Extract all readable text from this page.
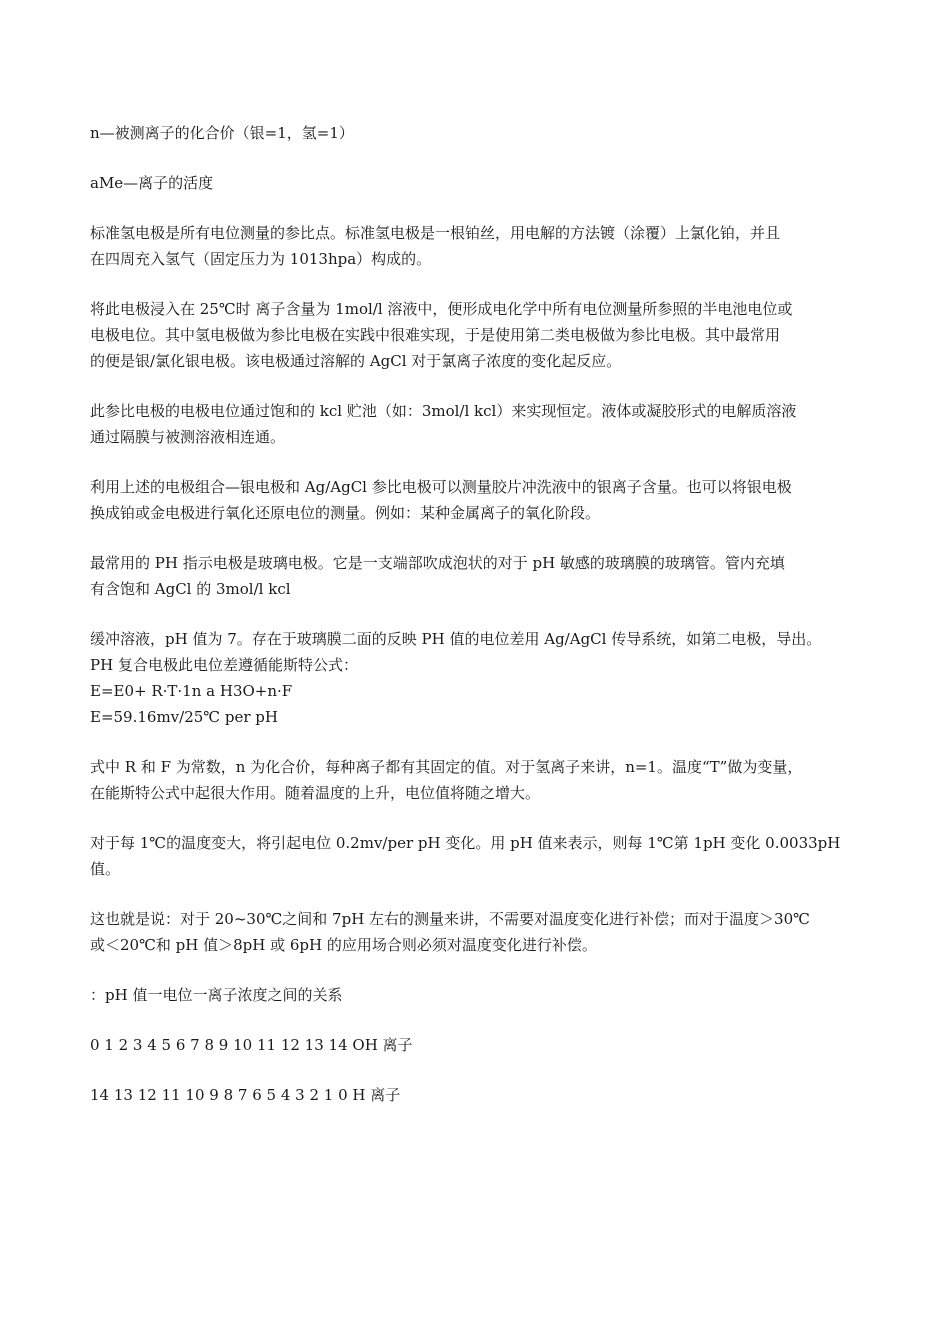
n—被测离子的化合价（银=1，氢=1）
aMe—离子的活度
标准氢电极是所有电位测量的参比点。标准氢电极是一根铂丝，用电解的方法镀（涂覆）上氯化铂，并且
在四周充入氢气（固定压力为 1013hpa）构成的。
将此电极浸入在 25℃时 离子含量为 1mol/l 溶液中，便形成电化学中所有电位测量所参照的半电池电位或
电极电位。其中氢电极做为参比电极在实践中很难实现，于是使用第二类电极做为参比电极。其中最常用
的便是银/氯化银电极。该电极通过溶解的 AgCl 对于氯离子浓度的变化起反应。
此参比电极的电极电位通过饱和的 kcl 贮池（如：3mol/l kcl）来实现恒定。液体或凝胶形式的电解质溶液
通过隔膜与被测溶液相连通。
利用上述的电极组合—银电极和 Ag/AgCl 参比电极可以测量胶片冲洗液中的银离子含量。也可以将银电极
换成铂或金电极进行氧化还原电位的测量。例如：某种金属离子的氧化阶段。
最常用的 PH 指示电极是玻璃电极。它是一支端部吹成泡状的对于 pH 敏感的玻璃膜的玻璃管。管内充填
有含饱和 AgCl 的 3mol/l kcl
缓冲溶液，pH 值为 7。存在于玻璃膜二面的反映 PH 值的电位差用 Ag/AgCl 传导系统，如第二电极，导出。
PH 复合电极此电位差遵循能斯特公式：
E=E0+ R·T·1n a H3O+n·F
E=59.16mv/25℃ per pH
式中 R 和 F 为常数，n 为化合价，每种离子都有其固定的值。对于氢离子来讲，n=1。温度“T”做为变量，
在能斯特公式中起很大作用。随着温度的上升，电位值将随之增大。
对于每 1℃的温度变大，将引起电位 0.2mv/per pH 变化。用 pH 值来表示，则每 1℃第 1pH 变化 0.0033pH
值。
这也就是说：对于 20~30℃之间和 7pH 左右的测量来讲，不需要对温度变化进行补偿；而对于温度＞30℃
或＜20℃和 pH 值＞8pH 或 6pH 的应用场合则必须对温度变化进行补偿。
：pH 值一电位一离子浓度之间的关系
0 1 2 3 4 5 6 7 8 9 10 11 12 13 14 OH 离子
14 13 12 11 10 9 8 7 6 5 4 3 2 1 0 H 离子
